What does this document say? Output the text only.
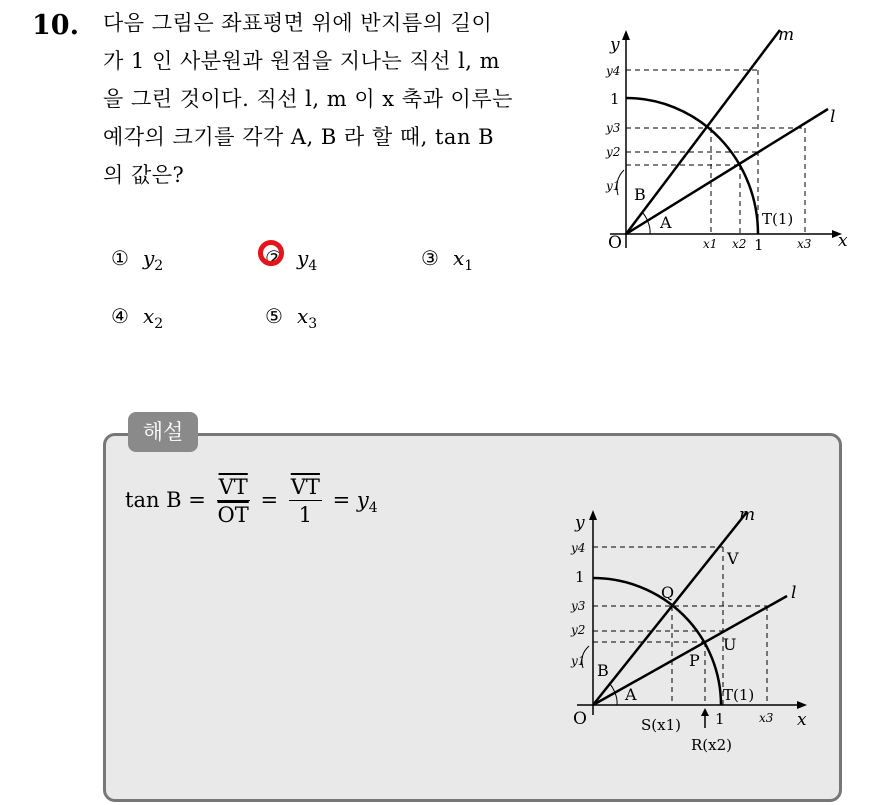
10. 다음 그림은 좌표평면 위에 반지름의 길이
가 1 인 사분원과 원점을 지나는 직선 l, m
을 그린 것이다. 직선 l, m 이 x 축과 이루는
예각의 크기를 각각 A, B 라 할 때, tan B
의 값은?
① $y_2$	② $y_4$	③ $x_1$
④ $x_2$	⑤ $x_3$
y
x
O
1
1
m
l
y4
y3
y2
y1
x1 x2	x3
A
B
T(1)
해설
$\tan B = \frac{\overline{VT}}{OT} = \frac{\overline{VT}}{1} = y_4$
y
x
O
1
1
m
l
y4
y3
y2
y1
x3
A
B
T(1)
V
Q
U
P
S(x1)
R(x2)
